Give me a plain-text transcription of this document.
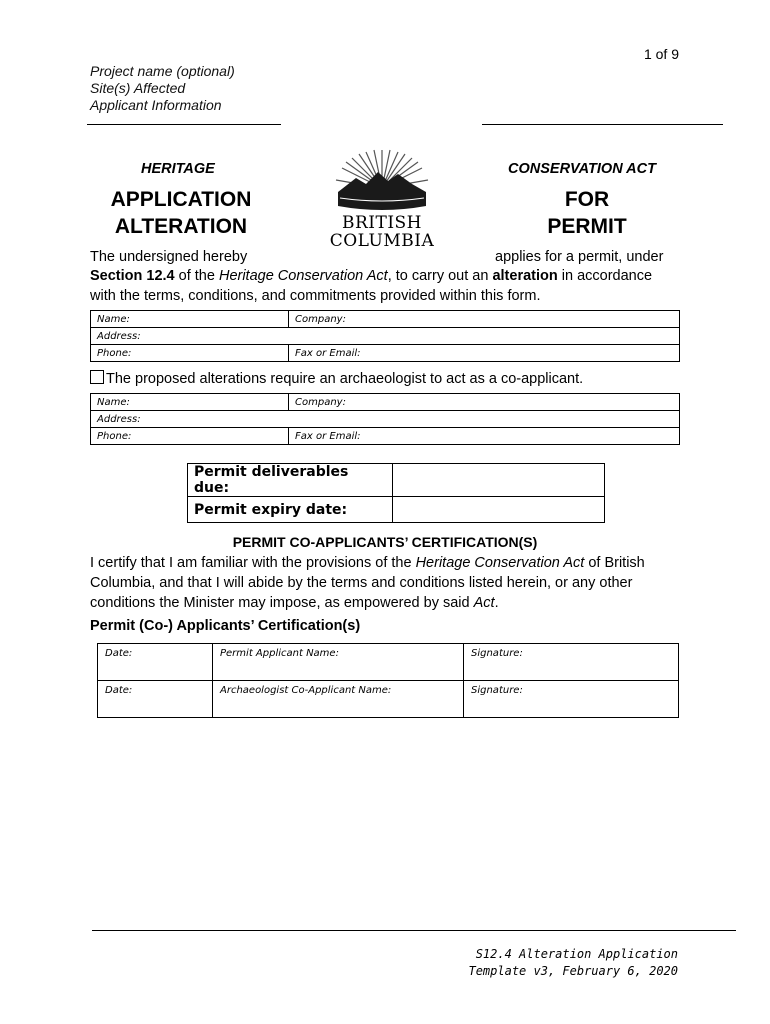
1 of 9
Project name (optional)
Site(s) Affected
Applicant Information
HERITAGE	CONSERVATION ACT
APPLICATION
ALTERATION
FOR
PERMIT
BRITISH
COLUMBIA
The undersigned hereby	applies for a permit, under
Section 12.4 of the Heritage Conservation Act, to carry out an alteration in accordance
with the terms, conditions, and commitments provided within this form.
Name:	Company:
Address:	
Phone:	Fax or Email:
The proposed alterations require an archaeologist to act as a co-applicant.
Name:	Company:
Address:	
Phone:	Fax or Email:
Permit deliverables due:	
Permit expiry date:	
PERMIT CO-APPLICANTS’ CERTIFICATION(S)
I certify that I am familiar with the provisions of the Heritage Conservation Act of British
Columbia, and that I will abide by the terms and conditions listed herein, or any other
conditions the Minister may impose, as empowered by said Act.
Permit (Co-) Applicants’ Certification(s)
Date:	Permit Applicant Name:	Signature:
Date:	Archaeologist Co-Applicant Name:	Signature:
S12.4 Alteration Application
Template v3, February 6, 2020
